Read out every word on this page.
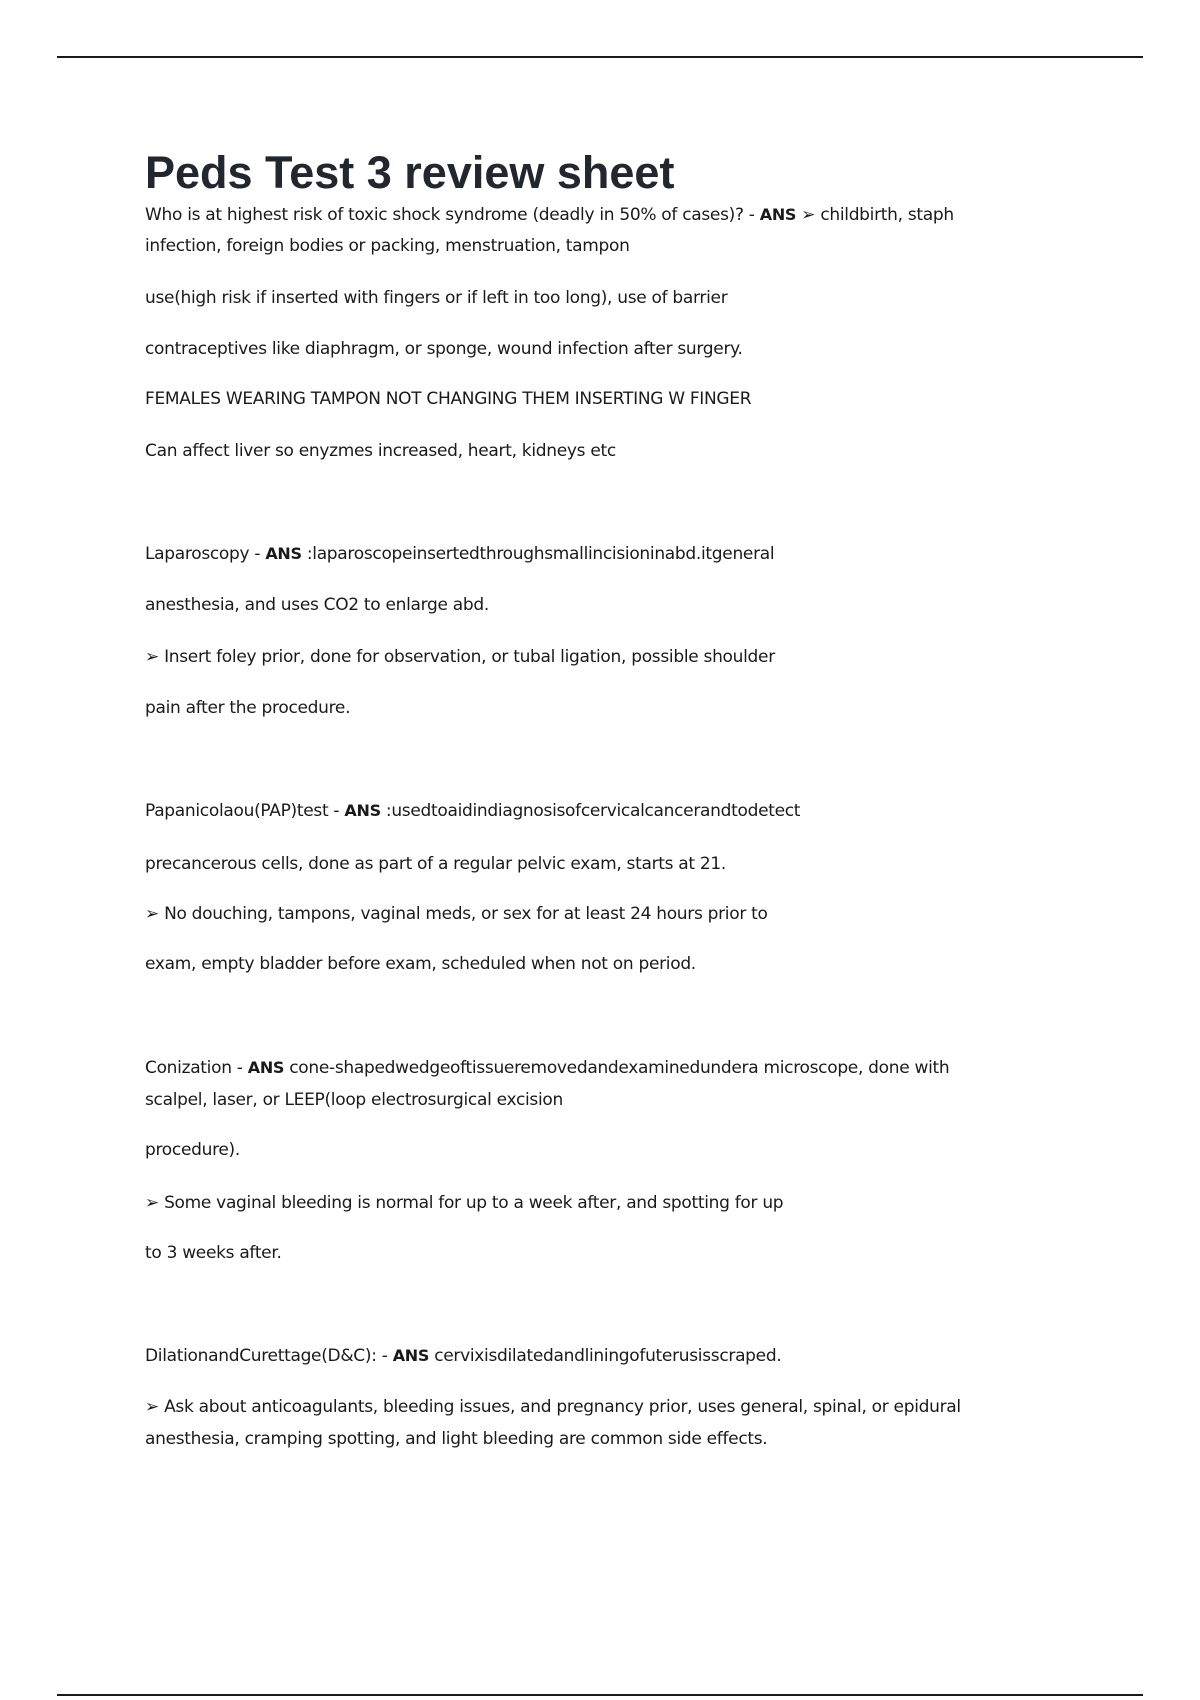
Peds Test 3 review sheet
Who is at highest risk of toxic shock syndrome (deadly in 50% of cases)? - ANS ➢ childbirth, staph
infection, foreign bodies or packing, menstruation, tampon
use(high risk if inserted with fingers or if left in too long), use of barrier
contraceptives like diaphragm, or sponge, wound infection after surgery.
FEMALES WEARING TAMPON NOT CHANGING THEM INSERTING W FINGER
Can affect liver so enyzmes increased, heart, kidneys etc
Laparoscopy - ANS :laparoscopeinsertedthroughsmallincisioninabd.itgeneral
anesthesia, and uses CO2 to enlarge abd.
➢ Insert foley prior, done for observation, or tubal ligation, possible shoulder
pain after the procedure.
Papanicolaou(PAP)test - ANS :usedtoaidindiagnosisofcervicalcancerandtodetect
precancerous cells, done as part of a regular pelvic exam, starts at 21.
➢ No douching, tampons, vaginal meds, or sex for at least 24 hours prior to
exam, empty bladder before exam, scheduled when not on period.
Conization - ANS cone-shapedwedgeoftissueremovedandexaminedundera microscope, done with
scalpel, laser, or LEEP(loop electrosurgical excision
procedure).
➢ Some vaginal bleeding is normal for up to a week after, and spotting for up
to 3 weeks after.
DilationandCurettage(D&C): - ANS cervixisdilatedandliningofuterusisscraped.
➢ Ask about anticoagulants, bleeding issues, and pregnancy prior, uses general, spinal, or epidural
anesthesia, cramping spotting, and light bleeding are common side effects.
